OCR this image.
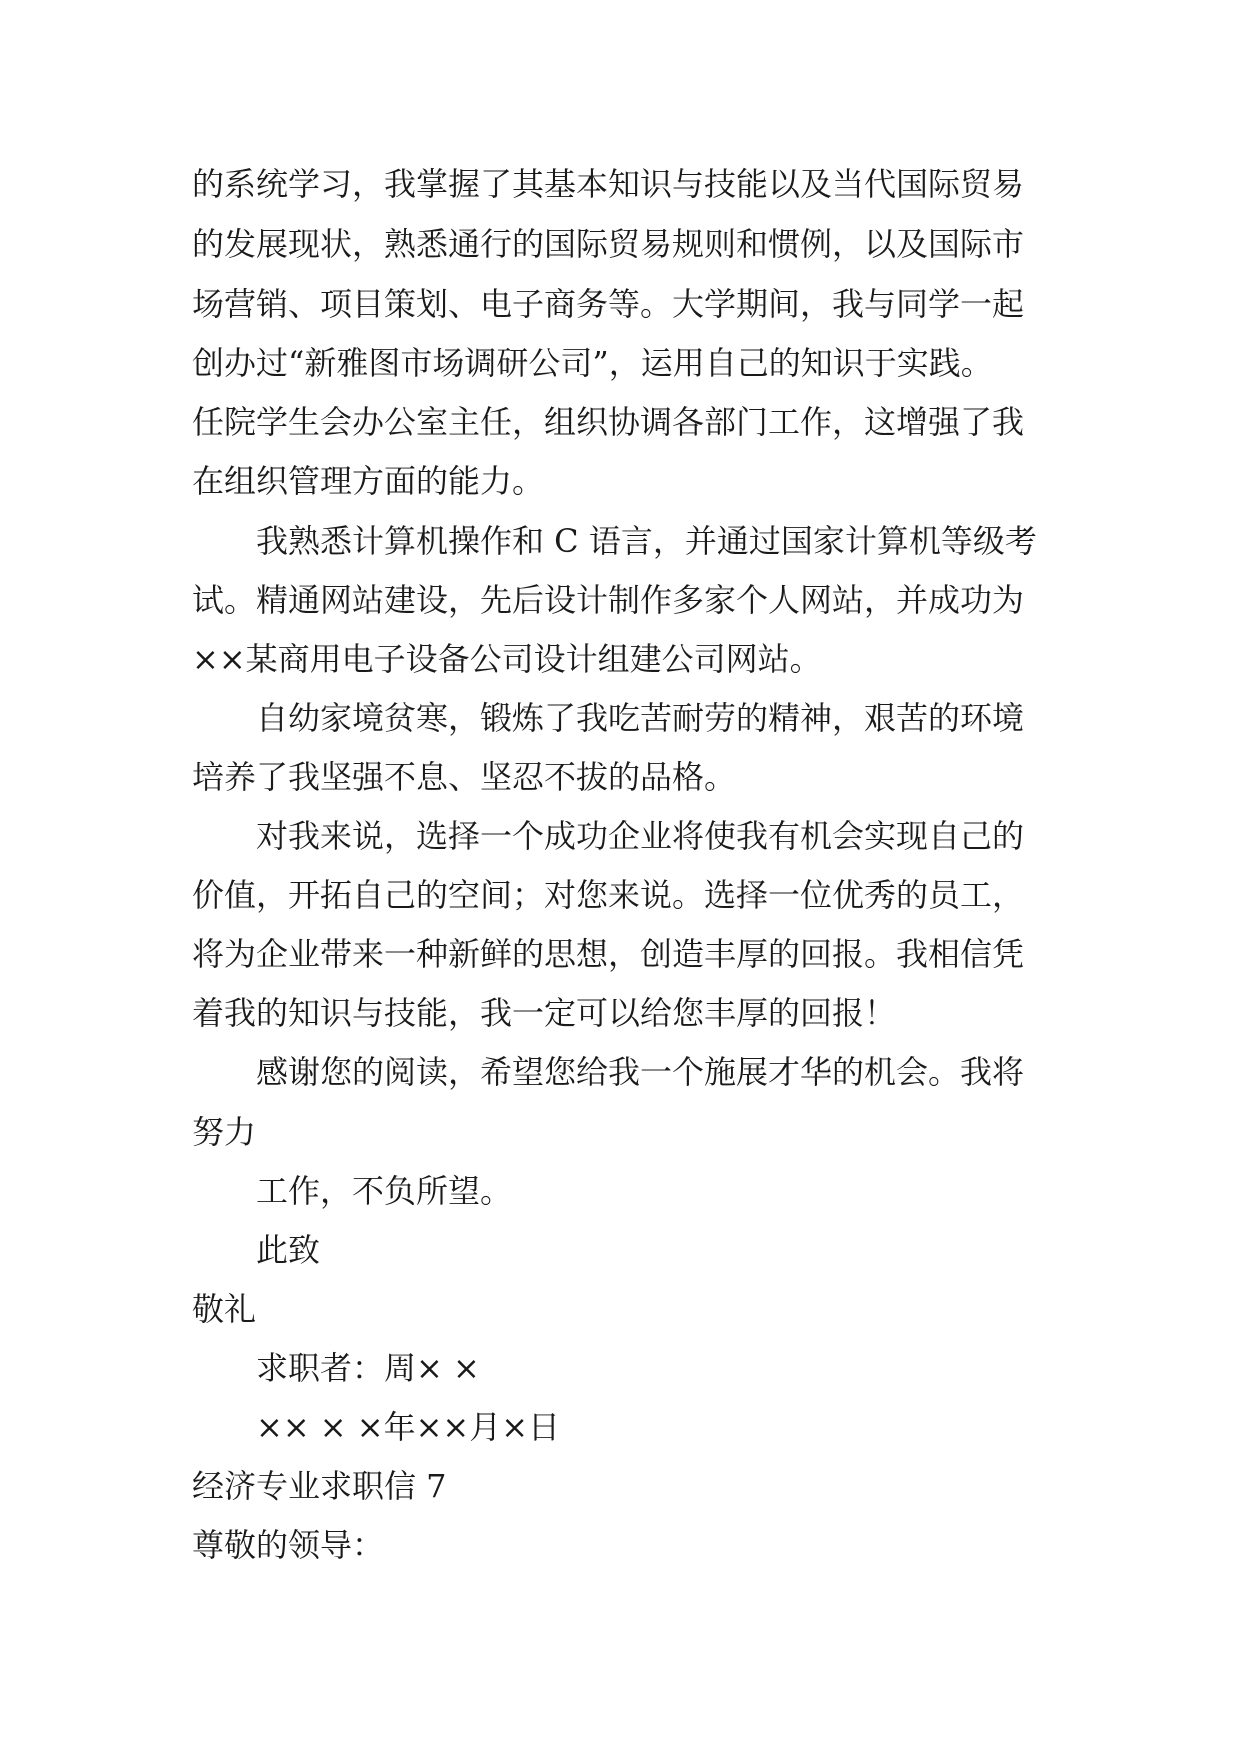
的系统学习，我掌握了其基本知识与技能以及当代国际贸易
的发展现状，熟悉通行的国际贸易规则和惯例，以及国际市
场营销、项目策划、电子商务等。大学期间，我与同学一起
创办过“新雅图市场调研公司”，运用自己的知识于实践。
任院学生会办公室主任，组织协调各部门工作，这增强了我
在组织管理方面的能力。
我熟悉计算机操作和 C 语言，并通过国家计算机等级考
试。精通网站建设，先后设计制作多家个人网站，并成功为
××某商用电子设备公司设计组建公司网站。
自幼家境贫寒，锻炼了我吃苦耐劳的精神，艰苦的环境
培养了我坚强不息、坚忍不拔的品格。
对我来说，选择一个成功企业将使我有机会实现自己的
价值，开拓自己的空间；对您来说。选择一位优秀的员工，
将为企业带来一种新鲜的思想，创造丰厚的回报。我相信凭
着我的知识与技能，我一定可以给您丰厚的回报！
感谢您的阅读，希望您给我一个施展才华的机会。我将
努力
工作，不负所望。
此致
敬礼
求职者：周× ×
×× × ×年××月×日
经济专业求职信 7
尊敬的领导：
